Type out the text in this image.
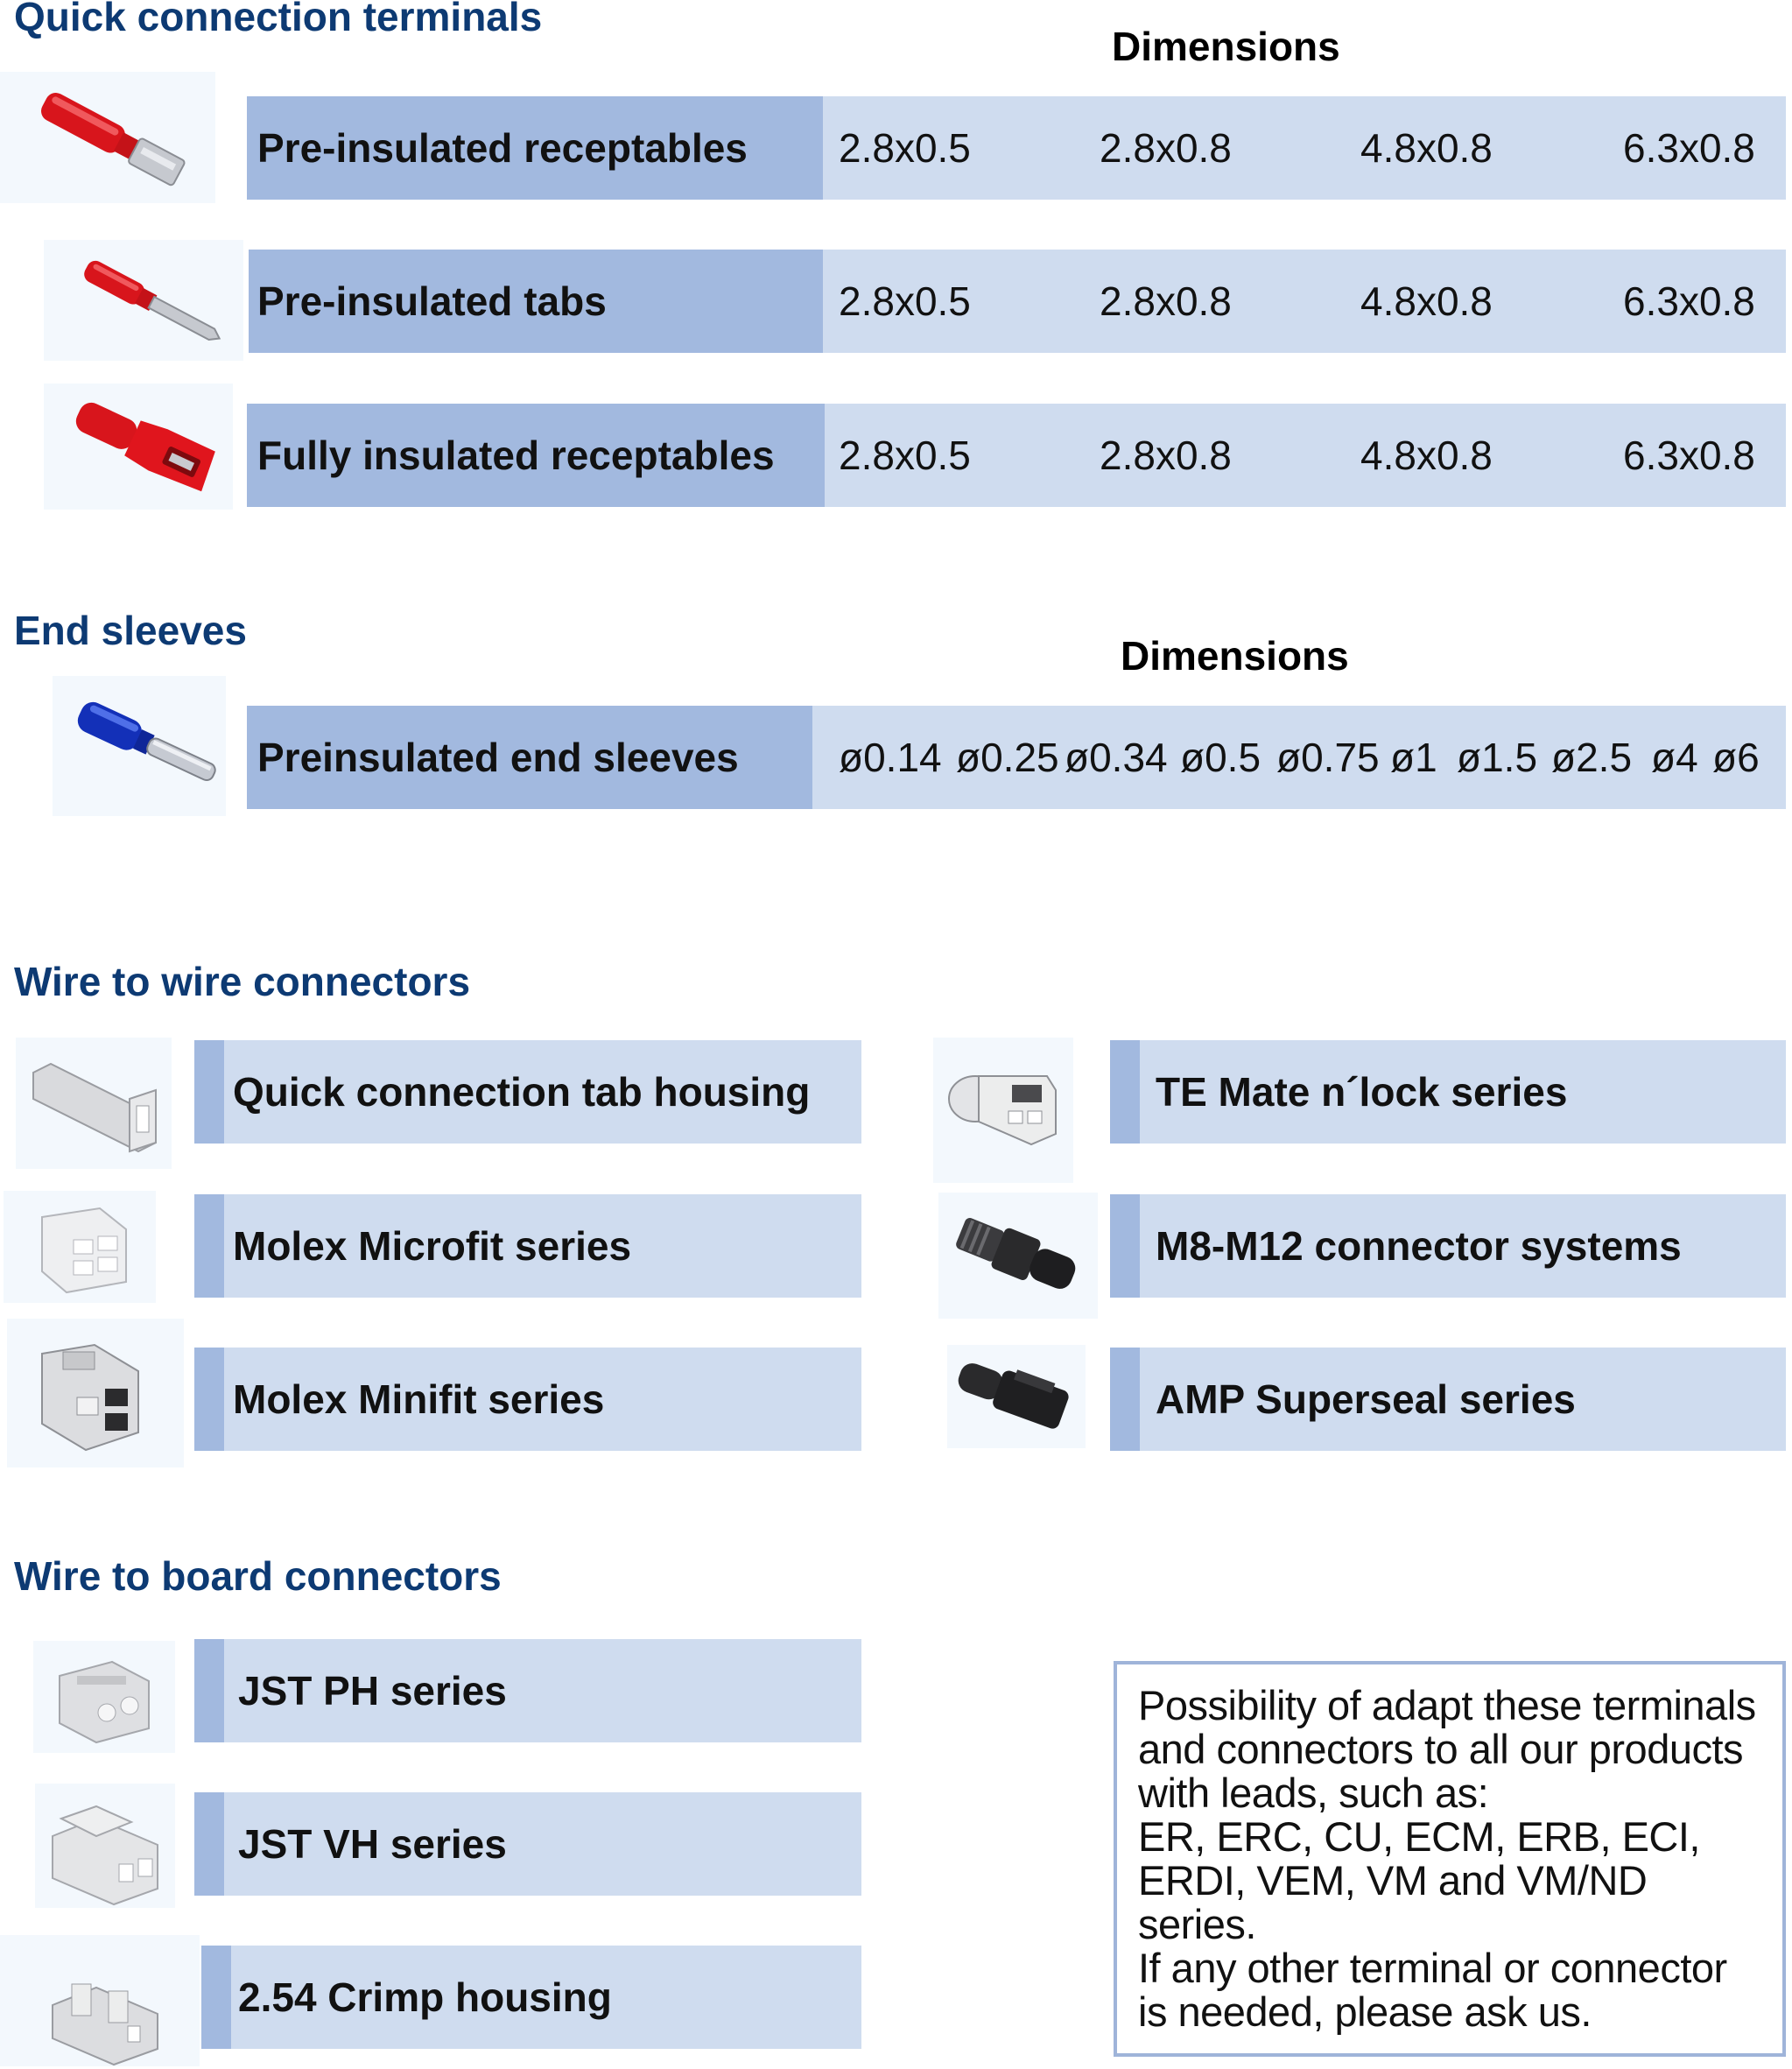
Quick connection terminals
Dimensions
Pre-insulated receptables	2.8x0.5	2.8x0.8	4.8x0.8	6.3x0.8
Pre-insulated tabs	2.8x0.5	2.8x0.8	4.8x0.8	6.3x0.8
Fully insulated receptables	2.8x0.5	2.8x0.8	4.8x0.8	6.3x0.8
End sleeves
Dimensions
Preinsulated end sleeves	ø0.14 ø0.25 ø0.34 ø0.5 ø0.75 ø1 ø1.5 ø2.5 ø4 ø6
Wire to wire connectors
Quick connection tab housing
Molex Microfit series
Molex Minifit series
TE Mate n´lock series
M8-M12 connector systems
AMP Superseal series
Wire to board connectors
JST PH series
JST VH series
2.54 Crimp housing
Possibility of adapt these terminals
and connectors to all our products
with leads, such as:
ER, ERC, CU, ECM, ERB, ECI,
ERDI, VEM, VM and VM/ND
series.
If any other terminal or connector
is needed, please ask us.
